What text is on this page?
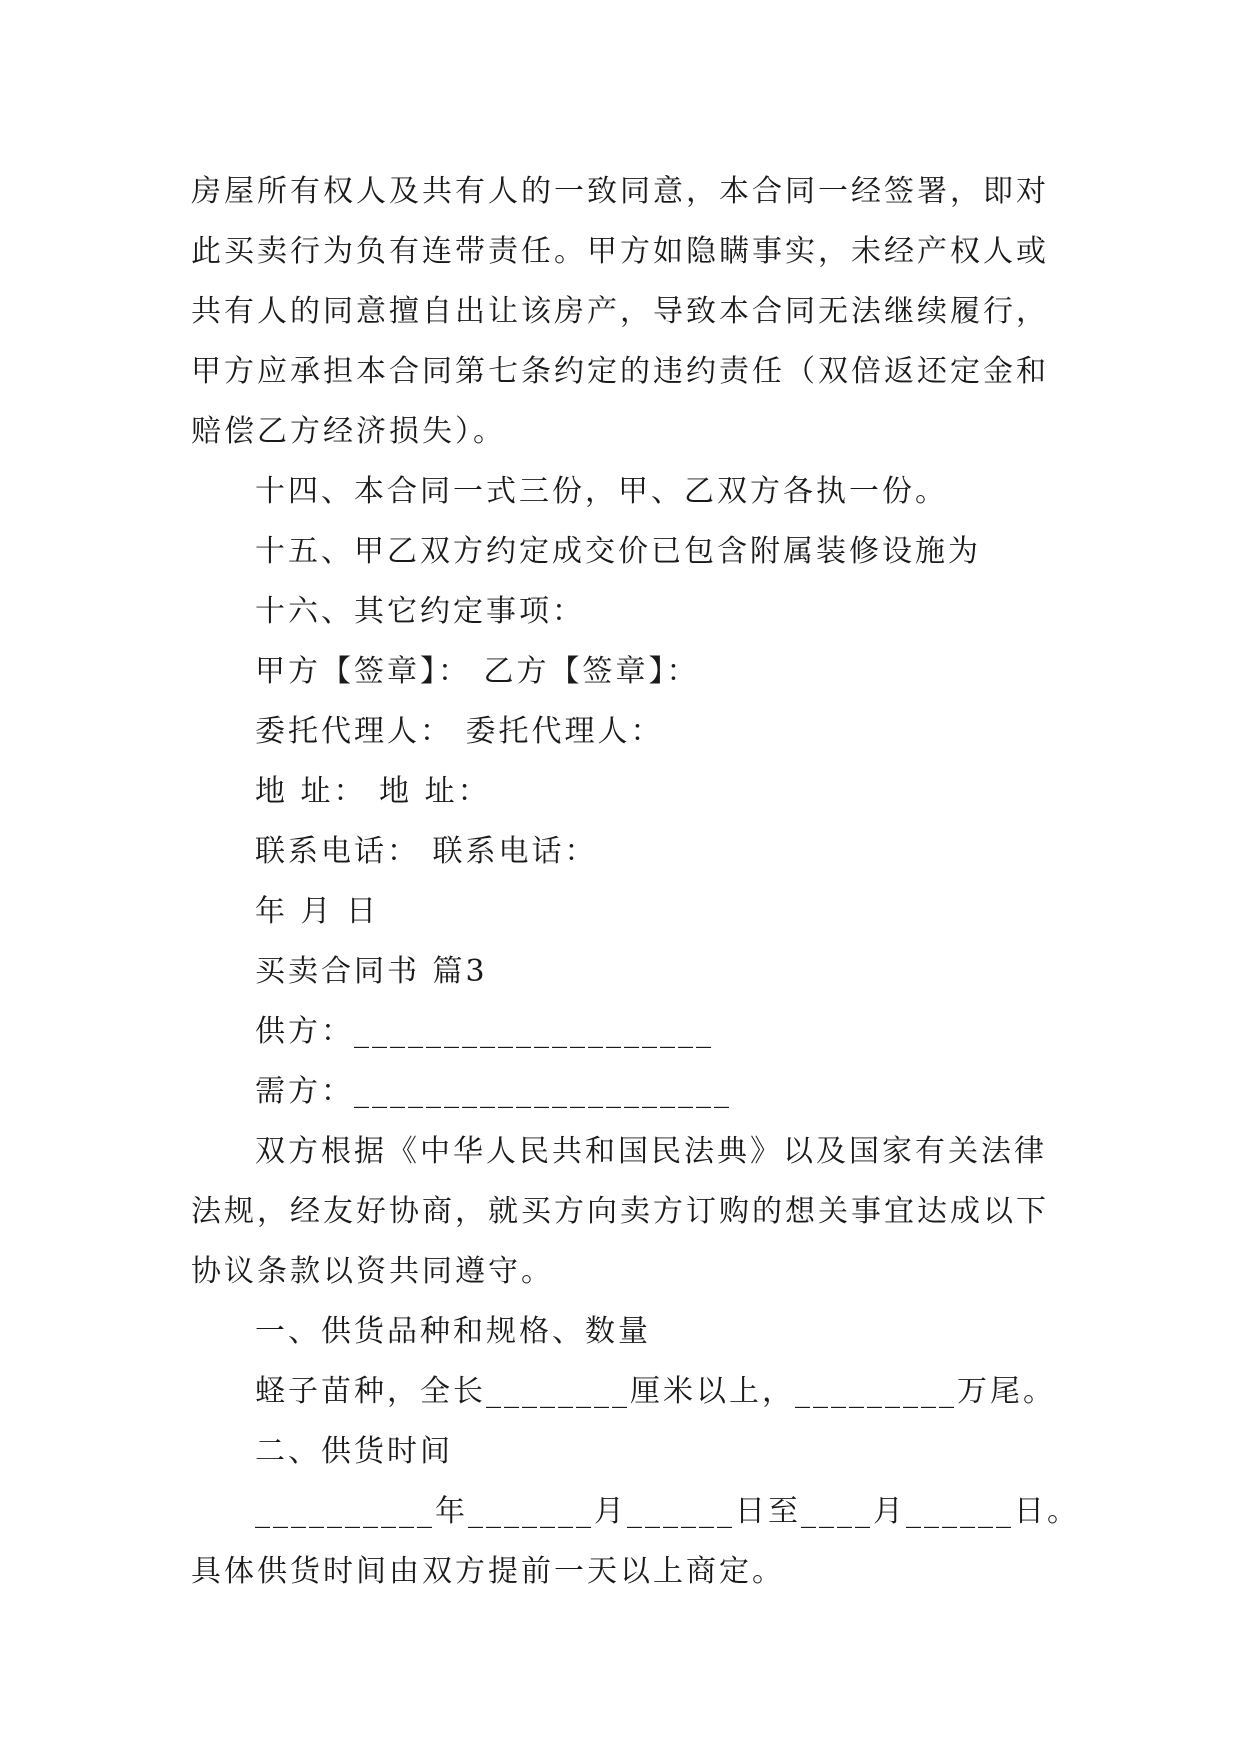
房屋所有权人及共有人的一致同意，本合同一经签署，即对
此买卖行为负有连带责任。甲方如隐瞒事实，未经产权人或
共有人的同意擅自出让该房产，导致本合同无法继续履行，
甲方应承担本合同第七条约定的违约责任（双倍返还定金和
赔偿乙方经济损失）。
十四、本合同一式三份，甲、乙双方各执一份。
十五、甲乙双方约定成交价已包含附属装修设施为
十六、其它约定事项：
甲方【签章】： 乙方【签章】：
委托代理人： 委托代理人：
地 址： 地 址：
联系电话： 联系电话：
年 月 日
买卖合同书 篇3
供方：____________________
需方：_____________________
双方根据《中华人民共和国民法典》以及国家有关法律
法规，经友好协商，就买方向卖方订购的想关事宜达成以下
协议条款以资共同遵守。
一、供货品种和规格、数量
蛏子苗种，全长________厘米以上，_________万尾。
二、供货时间
__________年_______月______日至____月______日。
具体供货时间由双方提前一天以上商定。
